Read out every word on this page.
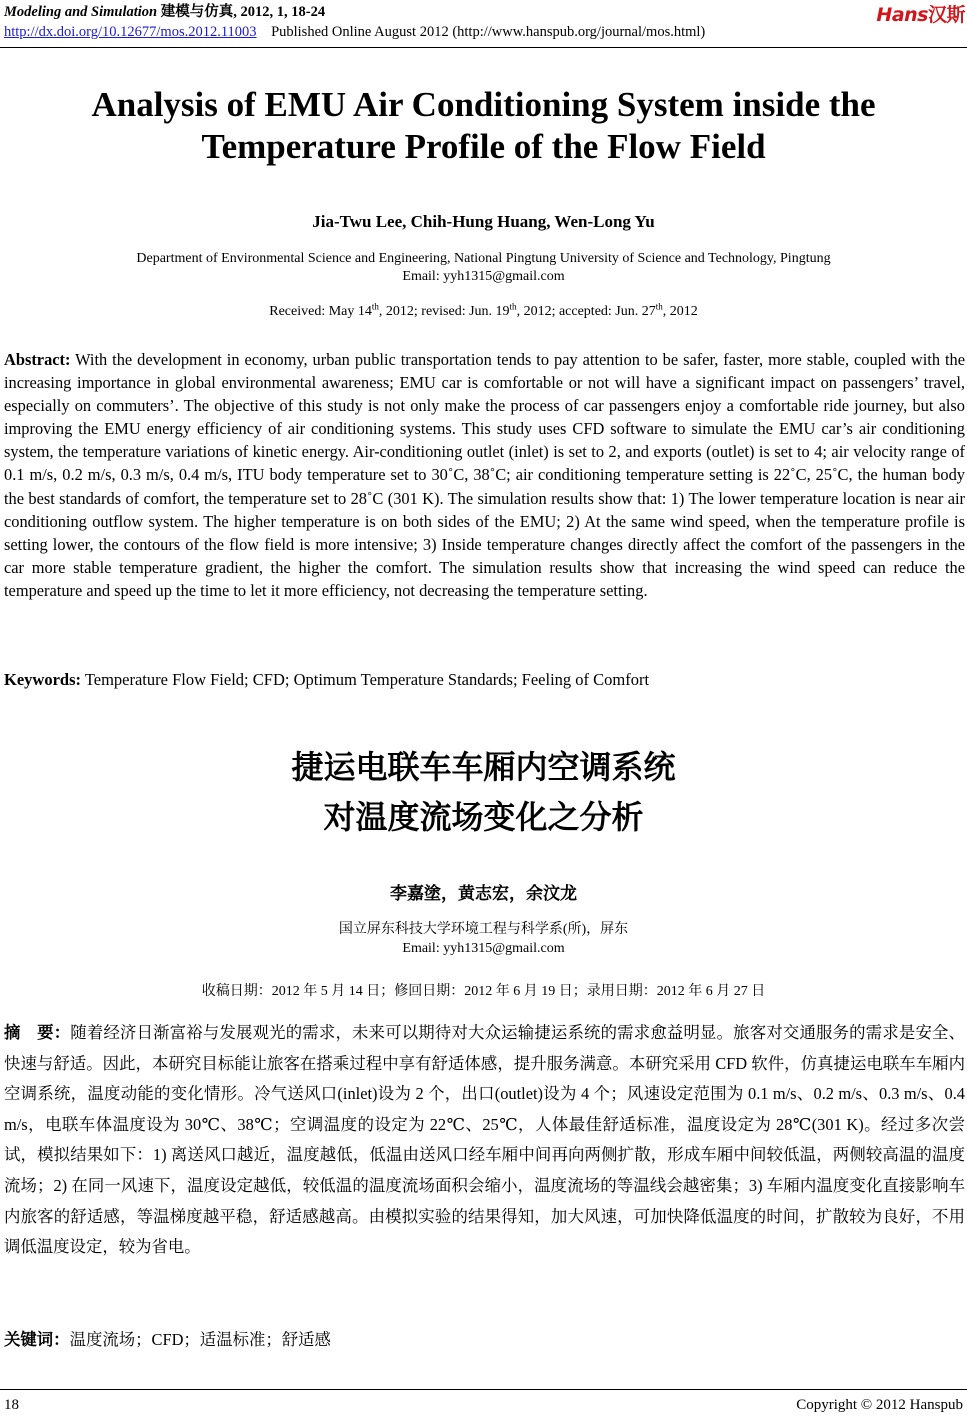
Modeling and Simulation 建模与仿真, 2012, 1, 18-24	Hans汉斯
http://dx.doi.org/10.12677/mos.2012.11003 Published Online August 2012 (http://www.hanspub.org/journal/mos.html)
Analysis of EMU Air Conditioning System inside the
Temperature Profile of the Flow Field
Jia-Twu Lee, Chih-Hung Huang, Wen-Long Yu
Department of Environmental Science and Engineering, National Pingtung University of Science and Technology, Pingtung
Email: yyh1315@gmail.com
Received: May 14th, 2012; revised: Jun. 19th, 2012; accepted: Jun. 27th, 2012
Abstract: With the development in economy, urban public transportation tends to pay attention to be safer, faster, more stable, coupled with the increasing importance in global environmental awareness; EMU car is comfortable or not will have a significant impact on passengers’ travel, especially on commuters’. The objective of this study is not only make the process of car passengers enjoy a comfortable ride journey, but also improving the EMU energy efficiency of air conditioning systems. This study uses CFD software to simulate the EMU car’s air conditioning system, the temperature variations of kinetic energy. Air-conditioning outlet (inlet) is set to 2, and exports (outlet) is set to 4; air velocity range of 0.1 m/s, 0.2 m/s, 0.3 m/s, 0.4 m/s, ITU body temperature set to 30˚C, 38˚C; air conditioning temperature setting is 22˚C, 25˚C, the human body the best standards of comfort, the temperature set to 28˚C (301 K). The simulation results show that: 1) The lower temperature location is near air conditioning outflow system. The higher temperature is on both sides of the EMU; 2) At the same wind speed, when the temperature profile is setting lower, the contours of the flow field is more intensive; 3) Inside temperature changes directly affect the comfort of the passengers in the car more stable temperature gradient, the higher the comfort. The simulation results show that increasing the wind speed can reduce the temperature and speed up the time to let it more efficiency, not decreasing the temperature setting.
Keywords: Temperature Flow Field; CFD; Optimum Temperature Standards; Feeling of Comfort
捷运电联车车厢内空调系统
对温度流场变化之分析
李嘉塗，黄志宏，余汶龙
国立屏东科技大学环境工程与科学系(所)，屏东
Email: yyh1315@gmail.com
收稿日期：2012 年 5 月 14 日；修回日期：2012 年 6 月 19 日；录用日期：2012 年 6 月 27 日
摘　要：随着经济日渐富裕与发展观光的需求，未来可以期待对大众运输捷运系统的需求愈益明显。旅客对交通服务的需求是安全、快速与舒适。因此，本研究目标能让旅客在搭乘过程中享有舒适体感，提升服务满意。本研究采用 CFD 软件，仿真捷运电联车车厢内空调系统，温度动能的变化情形。冷气送风口(inlet)设为 2 个，出口(outlet)设为 4 个；风速设定范围为 0.1 m/s、0.2 m/s、0.3 m/s、0.4 m/s，电联车体温度设为 30℃、38℃；空调温度的设定为 22℃、25℃，人体最佳舒适标准，温度设定为 28℃(301 K)。经过多次尝试，模拟结果如下：1) 离送风口越近，温度越低，低温由送风口经车厢中间再向两侧扩散，形成车厢中间较低温，两侧较高温的温度流场；2) 在同一风速下，温度设定越低，较低温的温度流场面积会缩小，温度流场的等温线会越密集；3) 车厢内温度变化直接影响车内旅客的舒适感，等温梯度越平稳，舒适感越高。由模拟实验的结果得知，加大风速，可加快降低温度的时间，扩散较为良好，不用调低温度设定，较为省电。
关键词：温度流场；CFD；适温标准；舒适感
18	Copyright © 2012 Hanspub
